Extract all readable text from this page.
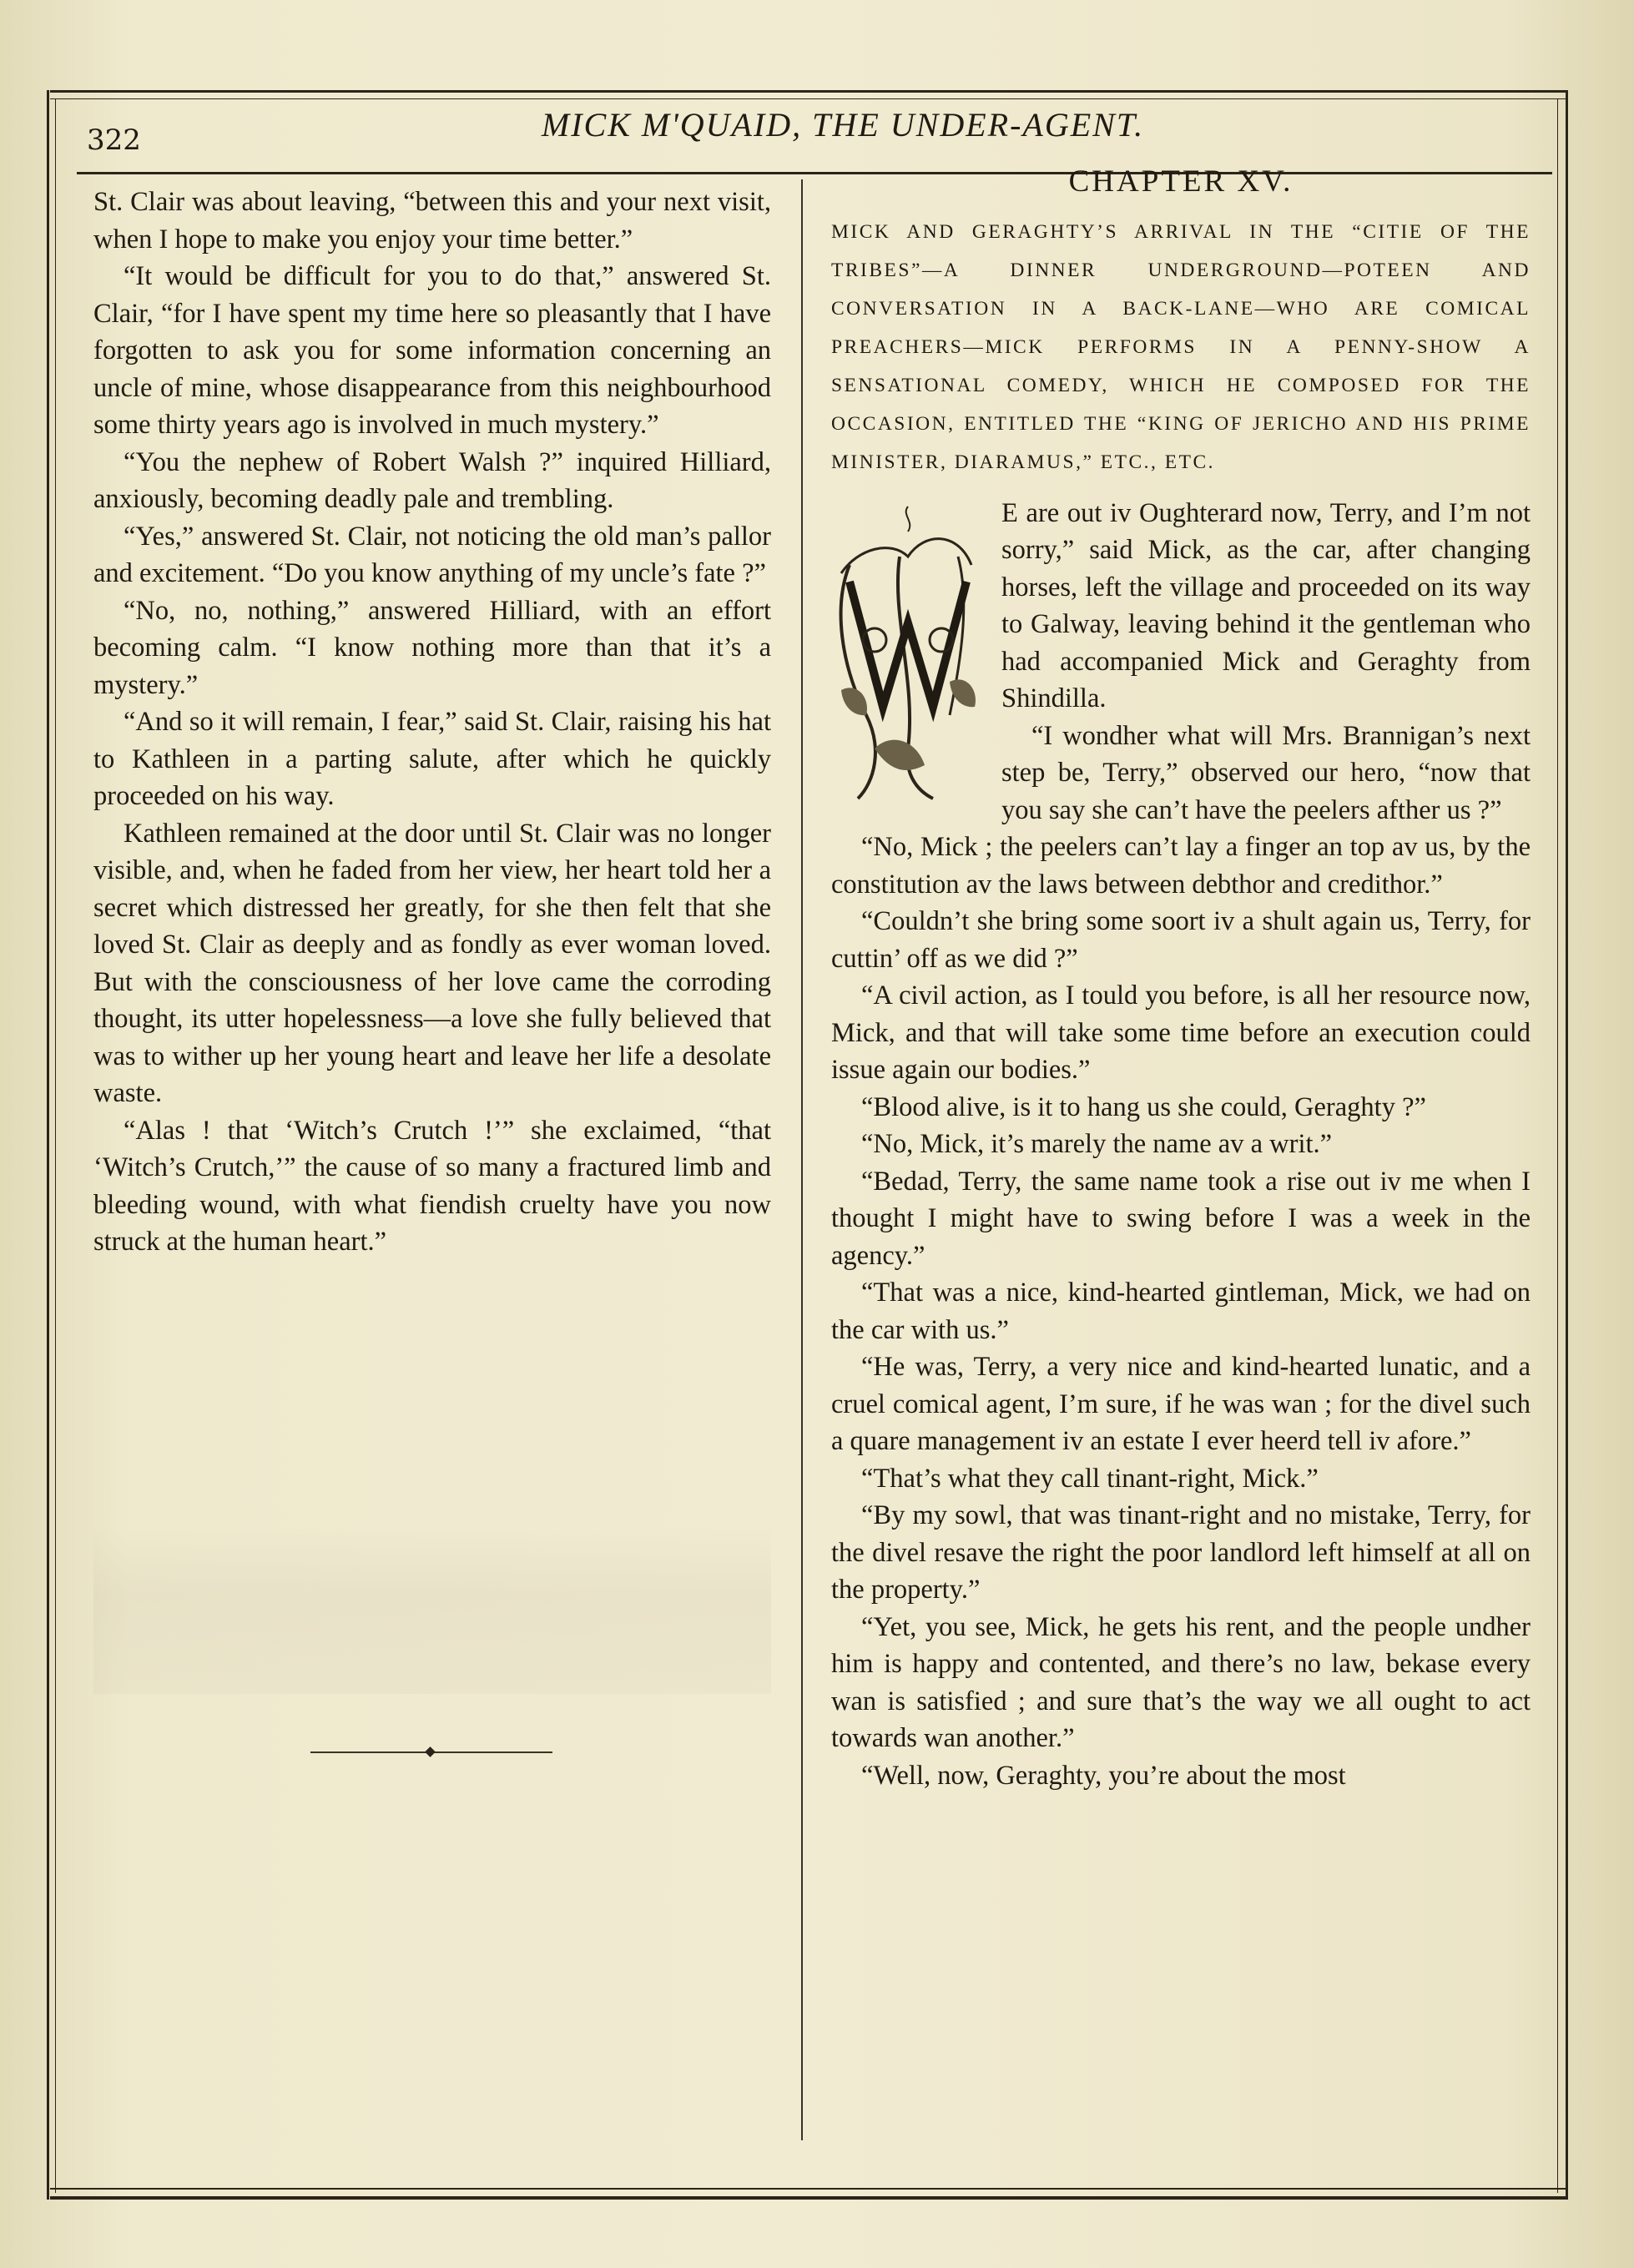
322	MICK M'QUAID, THE UNDER-AGENT.

St. Clair was about leaving, “between this and your next visit, when I hope to make you enjoy your time better.”

“It would be difficult for you to do that,” answered St. Clair, “for I have spent my time here so pleasantly that I have forgotten to ask you for some information concerning an uncle of mine, whose disappearance from this neighbourhood some thirty years ago is involved in much mystery.”

“You the nephew of Robert Walsh ?” inquired Hilliard, anxiously, becoming deadly pale and trembling.

“Yes,” answered St. Clair, not noticing the old man’s pallor and excitement. “Do you know anything of my uncle’s fate ?”

“No, no, nothing,” answered Hilliard, with an effort becoming calm. “I know nothing more than that it’s a mystery.”

“And so it will remain, I fear,” said St. Clair, raising his hat to Kathleen in a parting salute, after which he quickly proceeded on his way.

Kathleen remained at the door until St. Clair was no longer visible, and, when he faded from her view, her heart told her a secret which distressed her greatly, for she then felt that she loved St. Clair as deeply and as fondly as ever woman loved. But with the consciousness of her love came the corroding thought, its utter hopelessness—a love she fully believed that was to wither up her young heart and leave her life a desolate waste.

“Alas ! that ‘Witch’s Crutch !’” she exclaimed, “that ‘Witch’s Crutch,’” the cause of so many a fractured limb and bleeding wound, with what fiendish cruelty have you now struck at the human heart.”

CHAPTER XV.
MICK AND GERAGHTY’S ARRIVAL IN THE “CITIE OF THE TRIBES”—A DINNER UNDERGROUND—POTEEN AND CONVERSATION IN A BACK-LANE—WHO ARE COMICAL PREACHERS—MICK PERFORMS IN A PENNY-SHOW A SENSATIONAL COMEDY, WHICH HE COMPOSED FOR THE OCCASION, ENTITLED THE “KING OF JERICHO AND HIS PRIME MINISTER, DIARAMUS,” ETC., ETC.

E are out iv Oughterard now, Terry, and I’m not sorry,” said Mick, as the car, after changing horses, left the village and proceeded on its way to Galway, leaving behind it the gentleman who had accompanied Mick and Geraghty from Shindilla.

“I wondher what will Mrs. Brannigan’s next step be, Terry,” observed our hero, “now that you say she can’t have the peelers afther us ?”

“No, Mick ; the peelers can’t lay a finger an top av us, by the constitution av the laws between debthor and credithor.”

“Couldn’t she bring some soort iv a shult again us, Terry, for cuttin’ off as we did ?”

“A civil action, as I tould you before, is all her resource now, Mick, and that will take some time before an execution could issue again our bodies.”

“Blood alive, is it to hang us she could, Geraghty ?”

“No, Mick, it’s marely the name av a writ.”

“Bedad, Terry, the same name took a rise out iv me when I thought I might have to swing before I was a week in the agency.”

“That was a nice, kind-hearted gintleman, Mick, we had on the car with us.”

“He was, Terry, a very nice and kind-hearted lunatic, and a cruel comical agent, I’m sure, if he was wan ; for the divel such a quare management iv an estate I ever heerd tell iv afore.”

“That’s what they call tinant-right, Mick.”

“By my sowl, that was tinant-right and no mistake, Terry, for the divel resave the right the poor landlord left himself at all on the property.”

“Yet, you see, Mick, he gets his rent, and the people undher him is happy and contented, and there’s no law, bekase every wan is satisfied ; and sure that’s the way we all ought to act towards wan another.”

“Well, now, Geraghty, you’re about the most
